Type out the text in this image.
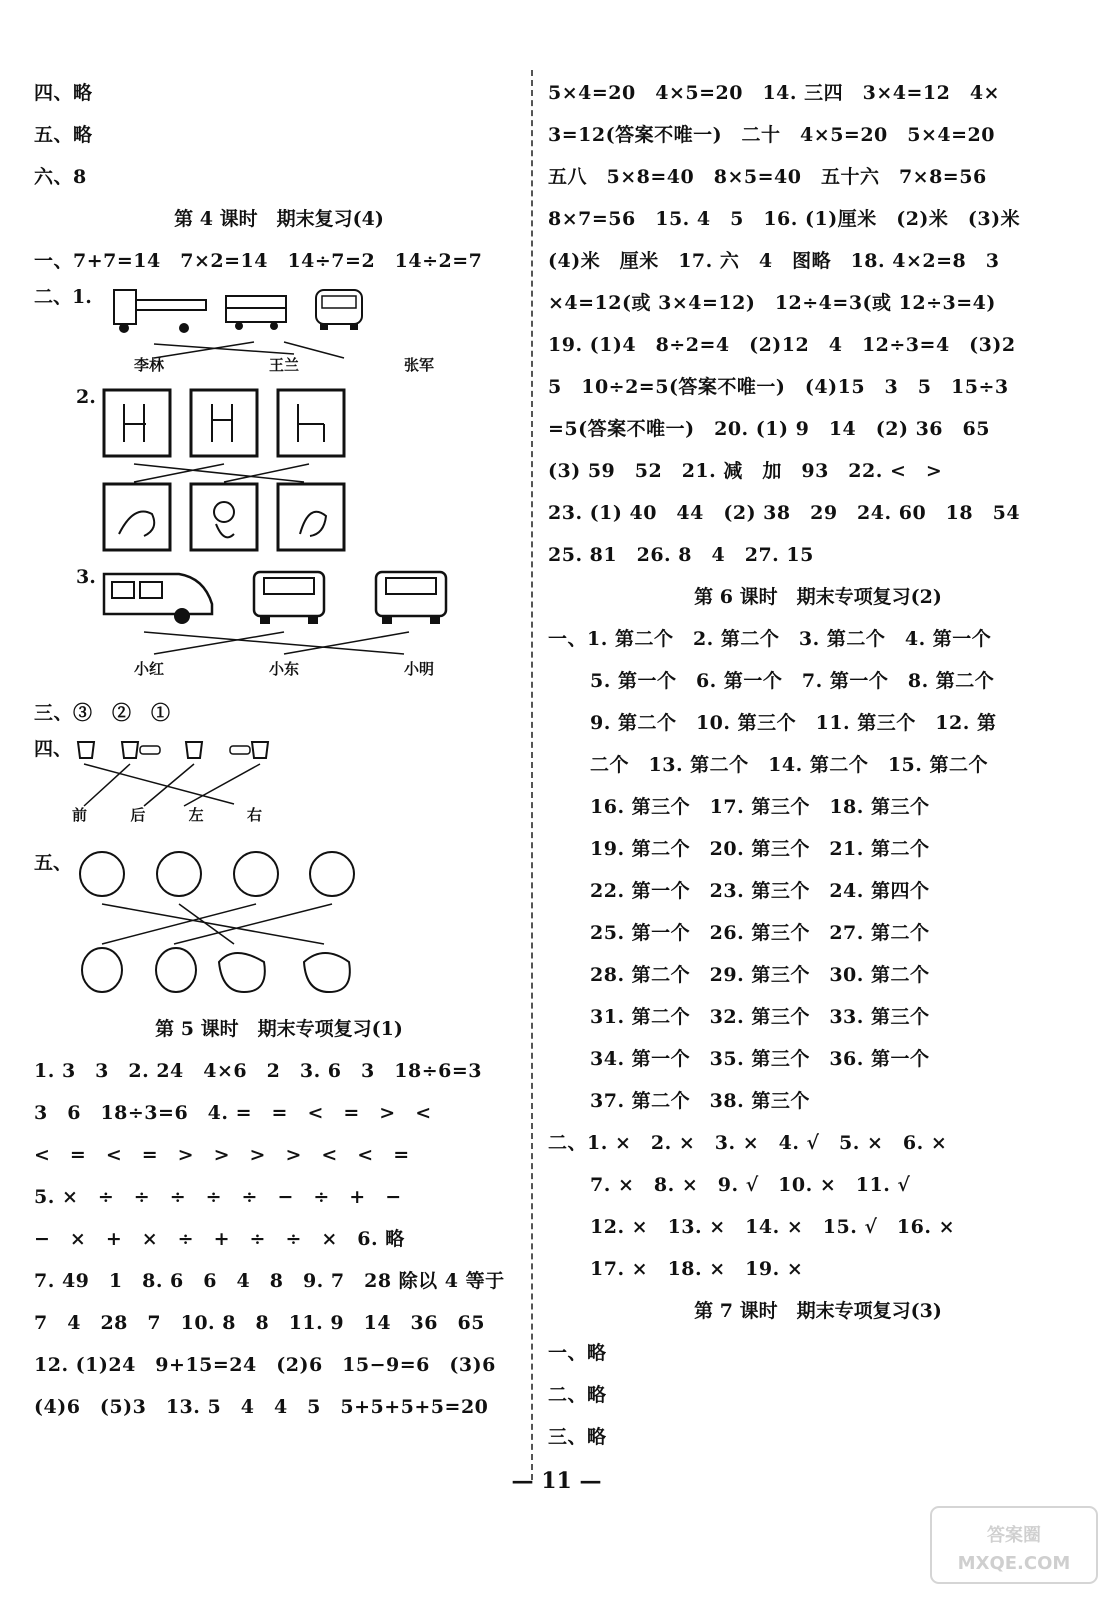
四、略
五、略
六、8
第 4 课时　期末复习(4)
一、7+7=14　7×2=14　14÷7=2　14÷2=7
二、1.
李林	王兰	张军
2.
3.
小红	小东	小明
三、③　②　①
四、
前	后	左	右
五、
第 5 课时　期末专项复习(1)
1. 3　3　2. 24　4×6　2　3. 6　3　18÷6=3
3　6　18÷3=6　4. =　=　<　=　>　<
<　=　<　=　>　>　>　>　<　<　=
5. ×　÷　÷　÷　÷　÷　−　÷　+　−
−　×　+　×　÷　+　÷　÷　×　6. 略
7. 49　1　8. 6　6　4　8　9. 7　28 除以 4 等于
7　4　28　7　10. 8　8　11. 9　14　36　65
12. (1)24　9+15=24　(2)6　15−9=6　(3)6
(4)6　(5)3　13. 5　4　4　5　5+5+5+5=20
5×4=20　4×5=20　14. 三四　3×4=12　4×
3=12(答案不唯一)　二十　4×5=20　5×4=20
五八　5×8=40　8×5=40　五十六　7×8=56
8×7=56　15. 4　5　16. (1)厘米　(2)米　(3)米
(4)米　厘米　17. 六　4　图略　18. 4×2=8　3
×4=12(或 3×4=12)　12÷4=3(或 12÷3=4)
19. (1)4　8÷2=4　(2)12　4　12÷3=4　(3)2
5　10÷2=5(答案不唯一)　(4)15　3　5　15÷3
=5(答案不唯一)　20. (1) 9　14　(2) 36　65
(3) 59　52　21. 减　加　93　22. <　>
23. (1) 40　44　(2) 38　29　24. 60　18　54
25. 81　26. 8　4　27. 15
第 6 课时　期末专项复习(2)
一、1. 第二个　2. 第二个　3. 第二个　4. 第一个
5. 第一个　6. 第一个　7. 第一个　8. 第二个
9. 第二个　10. 第三个　11. 第三个　12. 第
二个　13. 第二个　14. 第二个　15. 第二个
16. 第三个　17. 第三个　18. 第三个
19. 第二个　20. 第三个　21. 第二个
22. 第一个　23. 第三个　24. 第四个
25. 第一个　26. 第三个　27. 第二个
28. 第二个　29. 第三个　30. 第二个
31. 第二个　32. 第三个　33. 第三个
34. 第一个　35. 第三个　36. 第一个
37. 第二个　38. 第三个
二、1. ×　2. ×　3. ×　4. √　5. ×　6. ×
7. ×　8. ×　9. √　10. ×　11. √
12. ×　13. ×　14. ×　15. √　16. ×
17. ×　18. ×　19. ×
第 7 课时　期末专项复习(3)
一、略
二、略
三、略
— 11 —
答案圈
MXQE.COM
